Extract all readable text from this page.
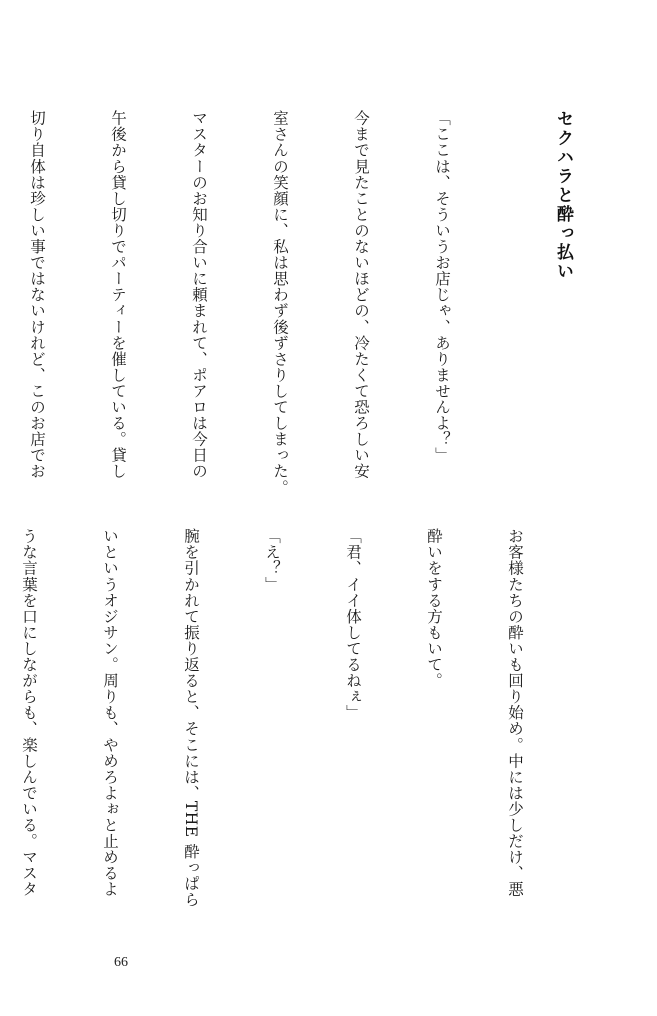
セクハラと酔っ払い

「ここは、そういうお店じゃ、ありませんよ？」

今まで見たことのないほどの、冷たくて恐ろしい安

室さんの笑顔に、私は思わず後ずさりしてしまった。

マスターのお知り合いに頼まれて、ポアロは今日の

午後から貸し切りでパーティーを催している。貸し

切り自体は珍しい事ではないけれど、このお店でお

お客様たちの酔いも回り始め。中には少しだけ、悪

酔いをする方もいて。

「君、イイ体してるねぇ」

「え？」

腕を引かれて振り返ると、そこには、THE 酔っぱら

いというオジサン。周りも、やめろよぉと止めるよ

うな言葉を口にしながらも、楽しんでいる。マスタ

66
